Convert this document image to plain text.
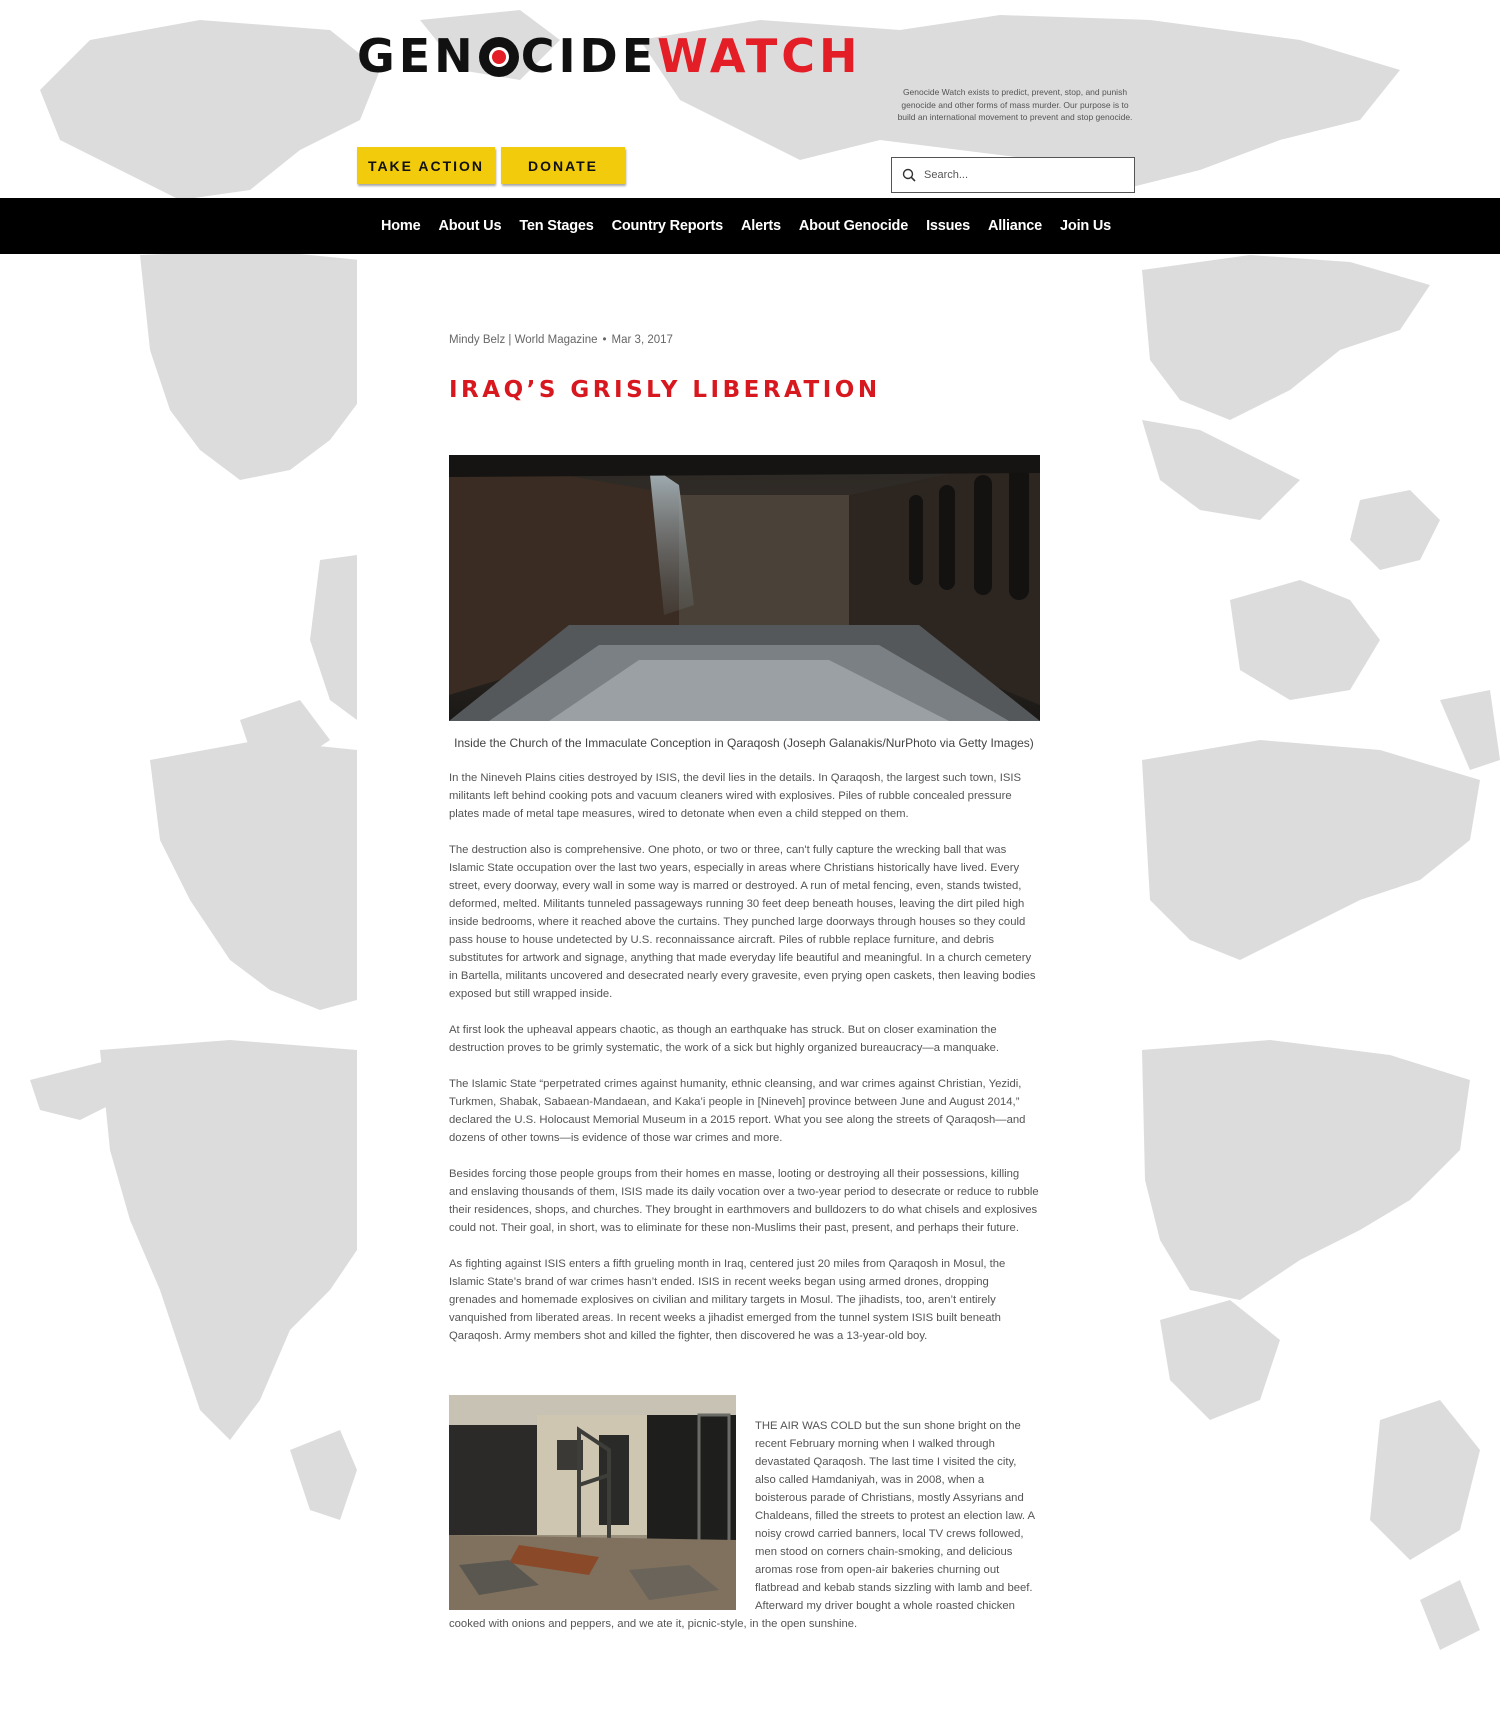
GEN CIDE WATCH
Genocide Watch exists to predict, prevent, stop, and punish genocide and other forms of mass murder. Our purpose is to build an international movement to prevent and stop genocide.
TAKE ACTION	DONATE
Search...
Home About Us Ten Stages Country Reports Alerts About Genocide Issues Alliance Join Us
Mindy Belz | World Magazine • Mar 3, 2017
IRAQ’S GRISLY LIBERATION
Inside the Church of the Immaculate Conception in Qaraqosh (Joseph Galanakis/NurPhoto via Getty Images)

In the Nineveh Plains cities destroyed by ISIS, the devil lies in the details. In Qaraqosh, the largest such town, ISIS militants left behind cooking pots and vacuum cleaners wired with explosives. Piles of rubble concealed pressure plates made of metal tape measures, wired to detonate when even a child stepped on them.

The destruction also is comprehensive. One photo, or two or three, can't fully capture the wrecking ball that was Islamic State occupation over the last two years, especially in areas where Christians historically have lived. Every street, every doorway, every wall in some way is marred or destroyed. A run of metal fencing, even, stands twisted, deformed, melted. Militants tunneled passageways running 30 feet deep beneath houses, leaving the dirt piled high inside bedrooms, where it reached above the curtains. They punched large doorways through houses so they could pass house to house undetected by U.S. reconnaissance aircraft. Piles of rubble replace furniture, and debris substitutes for artwork and signage, anything that made everyday life beautiful and meaningful. In a church cemetery in Bartella, militants uncovered and desecrated nearly every gravesite, even prying open caskets, then leaving bodies exposed but still wrapped inside.

At first look the upheaval appears chaotic, as though an earthquake has struck. But on closer examination the destruction proves to be grimly systematic, the work of a sick but highly organized bureaucracy—a manquake.

The Islamic State “perpetrated crimes against humanity, ethnic cleansing, and war crimes against Christian, Yezidi, Turkmen, Shabak, Sabaean-Mandaean, and Kaka’i people in [Nineveh] province between June and August 2014,” declared the U.S. Holocaust Memorial Museum in a 2015 report. What you see along the streets of Qaraqosh—and dozens of other towns—is evidence of those war crimes and more.

Besides forcing those people groups from their homes en masse, looting or destroying all their possessions, killing and enslaving thousands of them, ISIS made its daily vocation over a two-year period to desecrate or reduce to rubble their residences, shops, and churches. They brought in earthmovers and bulldozers to do what chisels and explosives could not. Their goal, in short, was to eliminate for these non-Muslims their past, present, and perhaps their future.

As fighting against ISIS enters a fifth grueling month in Iraq, centered just 20 miles from Qaraqosh in Mosul, the Islamic State’s brand of war crimes hasn’t ended. ISIS in recent weeks began using armed drones, dropping grenades and homemade explosives on civilian and military targets in Mosul. The jihadists, too, aren’t entirely vanquished from liberated areas. In recent weeks a jihadist emerged from the tunnel system ISIS built beneath Qaraqosh. Army members shot and killed the fighter, then discovered he was a 13-year-old boy.

THE AIR WAS COLD but the sun shone bright on the recent February morning when I walked through devastated Qaraqosh. The last time I visited the city, also called Hamdaniyah, was in 2008, when a boisterous parade of Christians, mostly Assyrians and Chaldeans, filled the streets to protest an election law. A noisy crowd carried banners, local TV crews followed, men stood on corners chain-smoking, and delicious aromas rose from open-air bakeries churning out flatbread and kebab stands sizzling with lamb and beef. Afterward my driver bought a whole roasted chicken cooked with onions and peppers, and we ate it, picnic-style, in the open sunshine.
